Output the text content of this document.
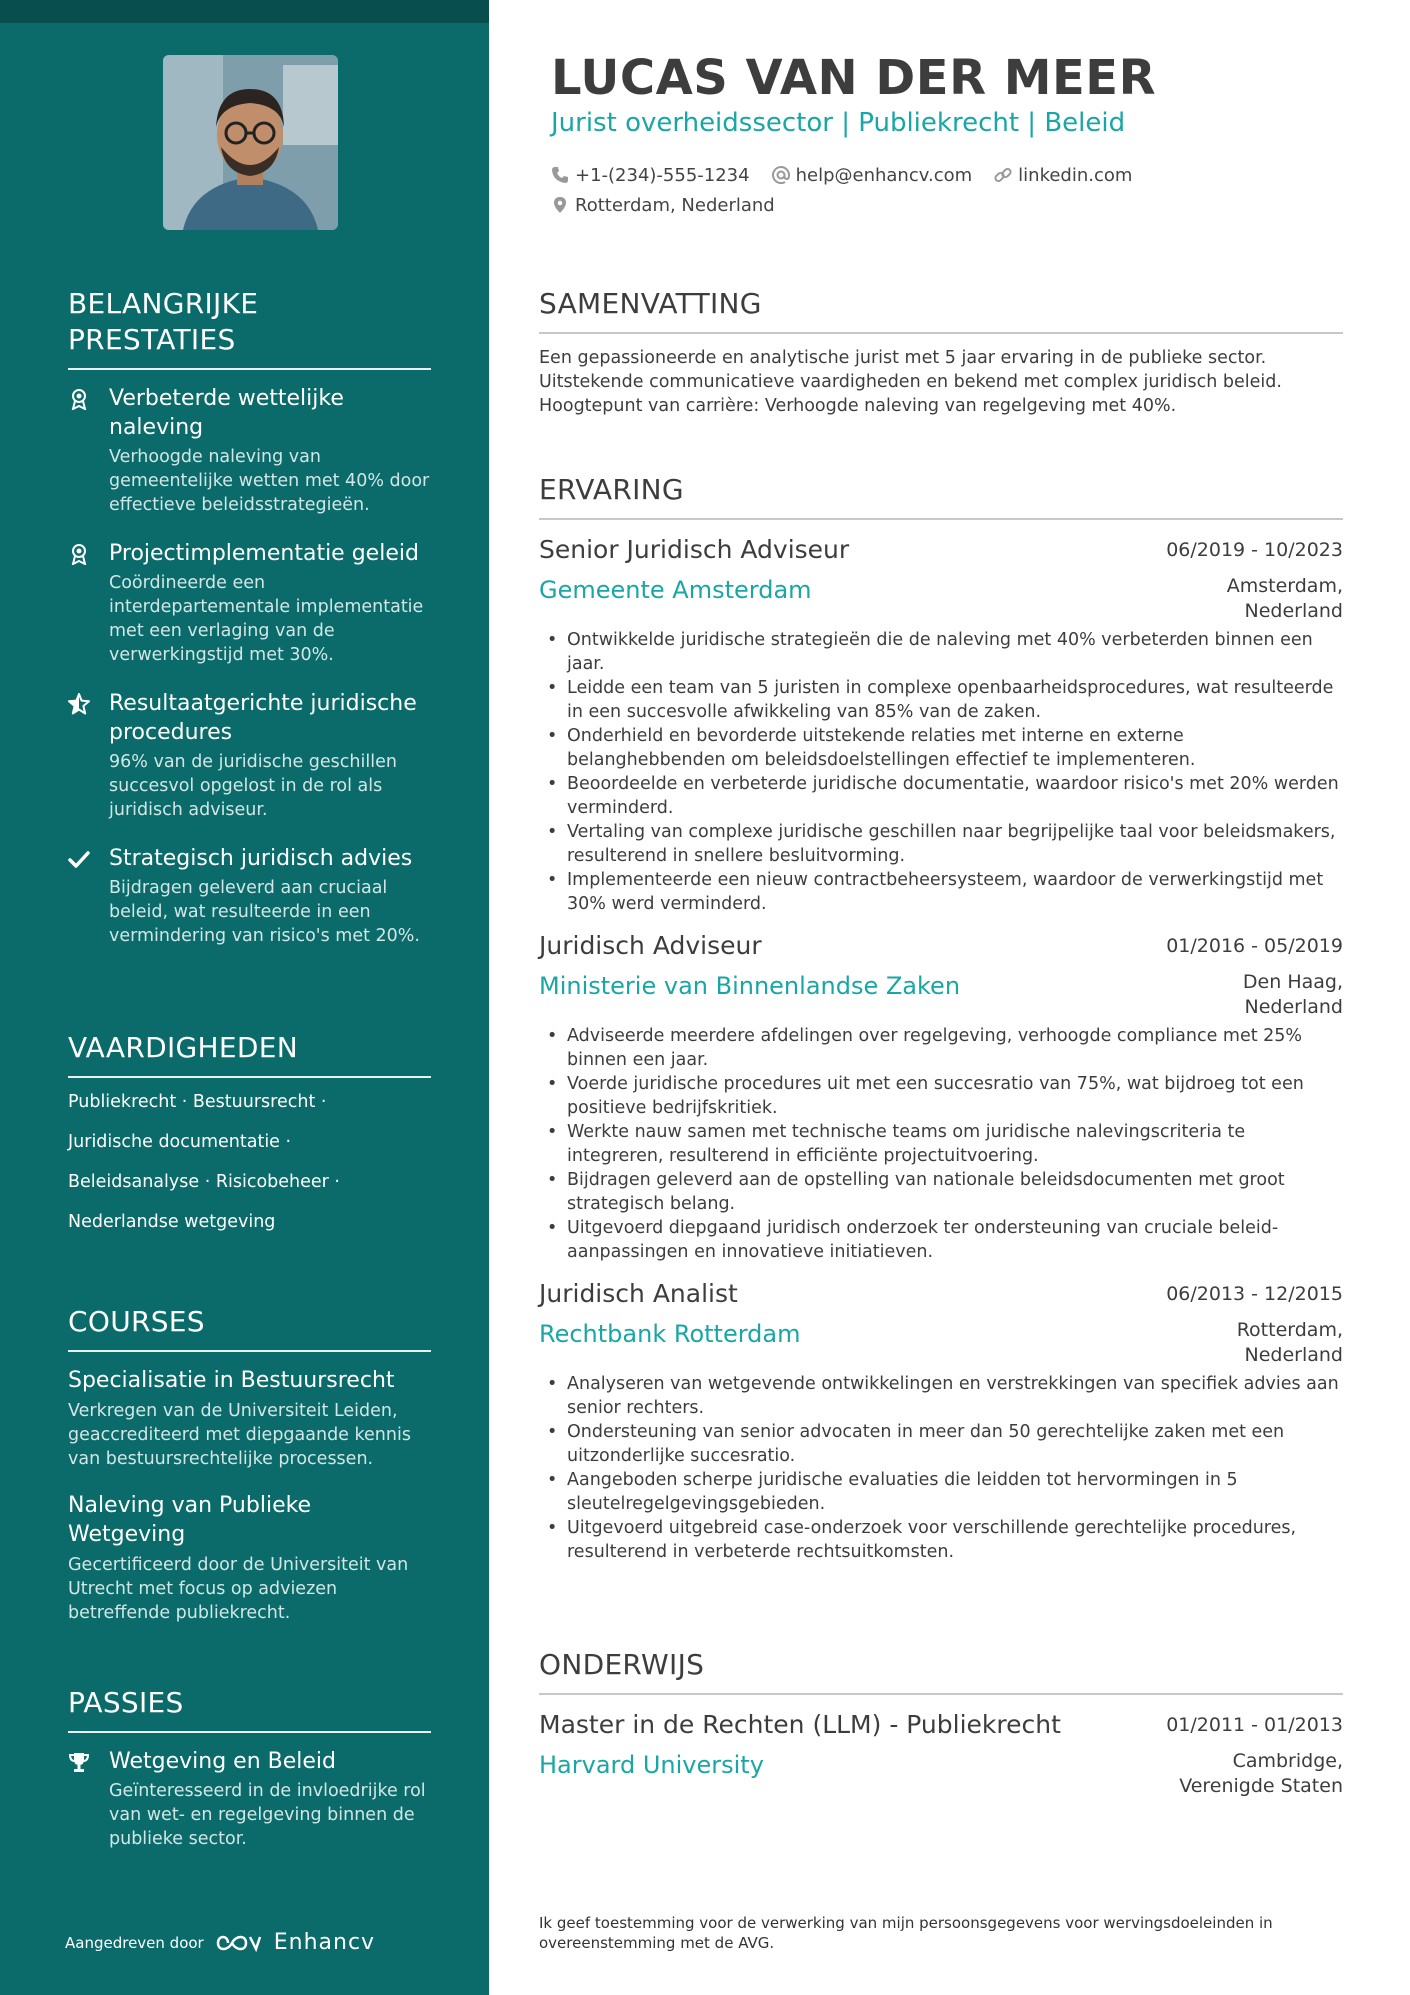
BELANGRIJKE PRESTATIES
Verbeterde wettelijke naleving
Verhoogde naleving van gemeentelijke wetten met 40% door effectieve beleidsstrategieën.
Projectimplementatie geleid
Coördineerde een interdepartementale implementatie met een verlaging van de verwerkingstijd met 30%.
Resultaatgerichte juridische procedures
96% van de juridische geschillen succesvol opgelost in de rol als juridisch adviseur.
Strategisch juridisch advies
Bijdragen geleverd aan cruciaal beleid, wat resulteerde in een vermindering van risico's met 20%.
VAARDIGHEDEN
Publiekrecht · Bestuursrecht ·
Juridische documentatie ·
Beleidsanalyse · Risicobeheer ·
Nederlandse wetgeving
COURSES
Specialisatie in Bestuursrecht
Verkregen van de Universiteit Leiden, geaccrediteerd met diepgaande kennis van bestuursrechtelijke processen.
Naleving van Publieke Wetgeving
Gecertificeerd door de Universiteit van Utrecht met focus op adviezen betreffende publiekrecht.
PASSIES
Wetgeving en Beleid
Geïnteresseerd in de invloedrijke rol van wet- en regelgeving binnen de publieke sector.
Aangedreven door	Enhancv
LUCAS VAN DER MEER
Jurist overheidssector | Publiekrecht | Beleid
+1-(234)-555-1234	help@enhancv.com	linkedin.com
Rotterdam, Nederland
SAMENVATTING
Een gepassioneerde en analytische jurist met 5 jaar ervaring in de publieke sector. Uitstekende communicatieve vaardigheden en bekend met complex juridisch beleid. Hoogtepunt van carrière: Verhoogde naleving van regelgeving met 40%.
ERVARING
Senior Juridisch Adviseur	06/2019 - 10/2023
Gemeente Amsterdam	Amsterdam, Nederland
• Ontwikkelde juridische strategieën die de naleving met 40% verbeterden binnen een jaar.
• Leidde een team van 5 juristen in complexe openbaarheidsprocedures, wat resulteerde in een succesvolle afwikkeling van 85% van de zaken.
• Onderhield en bevorderde uitstekende relaties met interne en externe belanghebbenden om beleidsdoelstellingen effectief te implementeren.
• Beoordeelde en verbeterde juridische documentatie, waardoor risico's met 20% werden verminderd.
• Vertaling van complexe juridische geschillen naar begrijpelijke taal voor beleidsmakers, resulterend in snellere besluitvorming.
• Implementeerde een nieuw contractbeheersysteem, waardoor de verwerkingstijd met 30% werd verminderd.
Juridisch Adviseur	01/2016 - 05/2019
Ministerie van Binnenlandse Zaken	Den Haag, Nederland
• Adviseerde meerdere afdelingen over regelgeving, verhoogde compliance met 25% binnen een jaar.
• Voerde juridische procedures uit met een succesratio van 75%, wat bijdroeg tot een positieve bedrijfskritiek.
• Werkte nauw samen met technische teams om juridische nalevingscriteria te integreren, resulterend in efficiënte projectuitvoering.
• Bijdragen geleverd aan de opstelling van nationale beleidsdocumenten met groot strategisch belang.
• Uitgevoerd diepgaand juridisch onderzoek ter ondersteuning van cruciale beleid-aanpassingen en innovatieve initiatieven.
Juridisch Analist	06/2013 - 12/2015
Rechtbank Rotterdam	Rotterdam, Nederland
• Analyseren van wetgevende ontwikkelingen en verstrekkingen van specifiek advies aan senior rechters.
• Ondersteuning van senior advocaten in meer dan 50 gerechtelijke zaken met een uitzonderlijke succesratio.
• Aangeboden scherpe juridische evaluaties die leidden tot hervormingen in 5 sleutelregelgevingsgebieden.
• Uitgevoerd uitgebreid case-onderzoek voor verschillende gerechtelijke procedures, resulterend in verbeterde rechtsuitkomsten.
ONDERWIJS
Master in de Rechten (LLM) - Publiekrecht	01/2011 - 01/2013
Harvard University	Cambridge, Verenigde Staten
Ik geef toestemming voor de verwerking van mijn persoonsgegevens voor wervingsdoeleinden in overeenstemming met de AVG.
